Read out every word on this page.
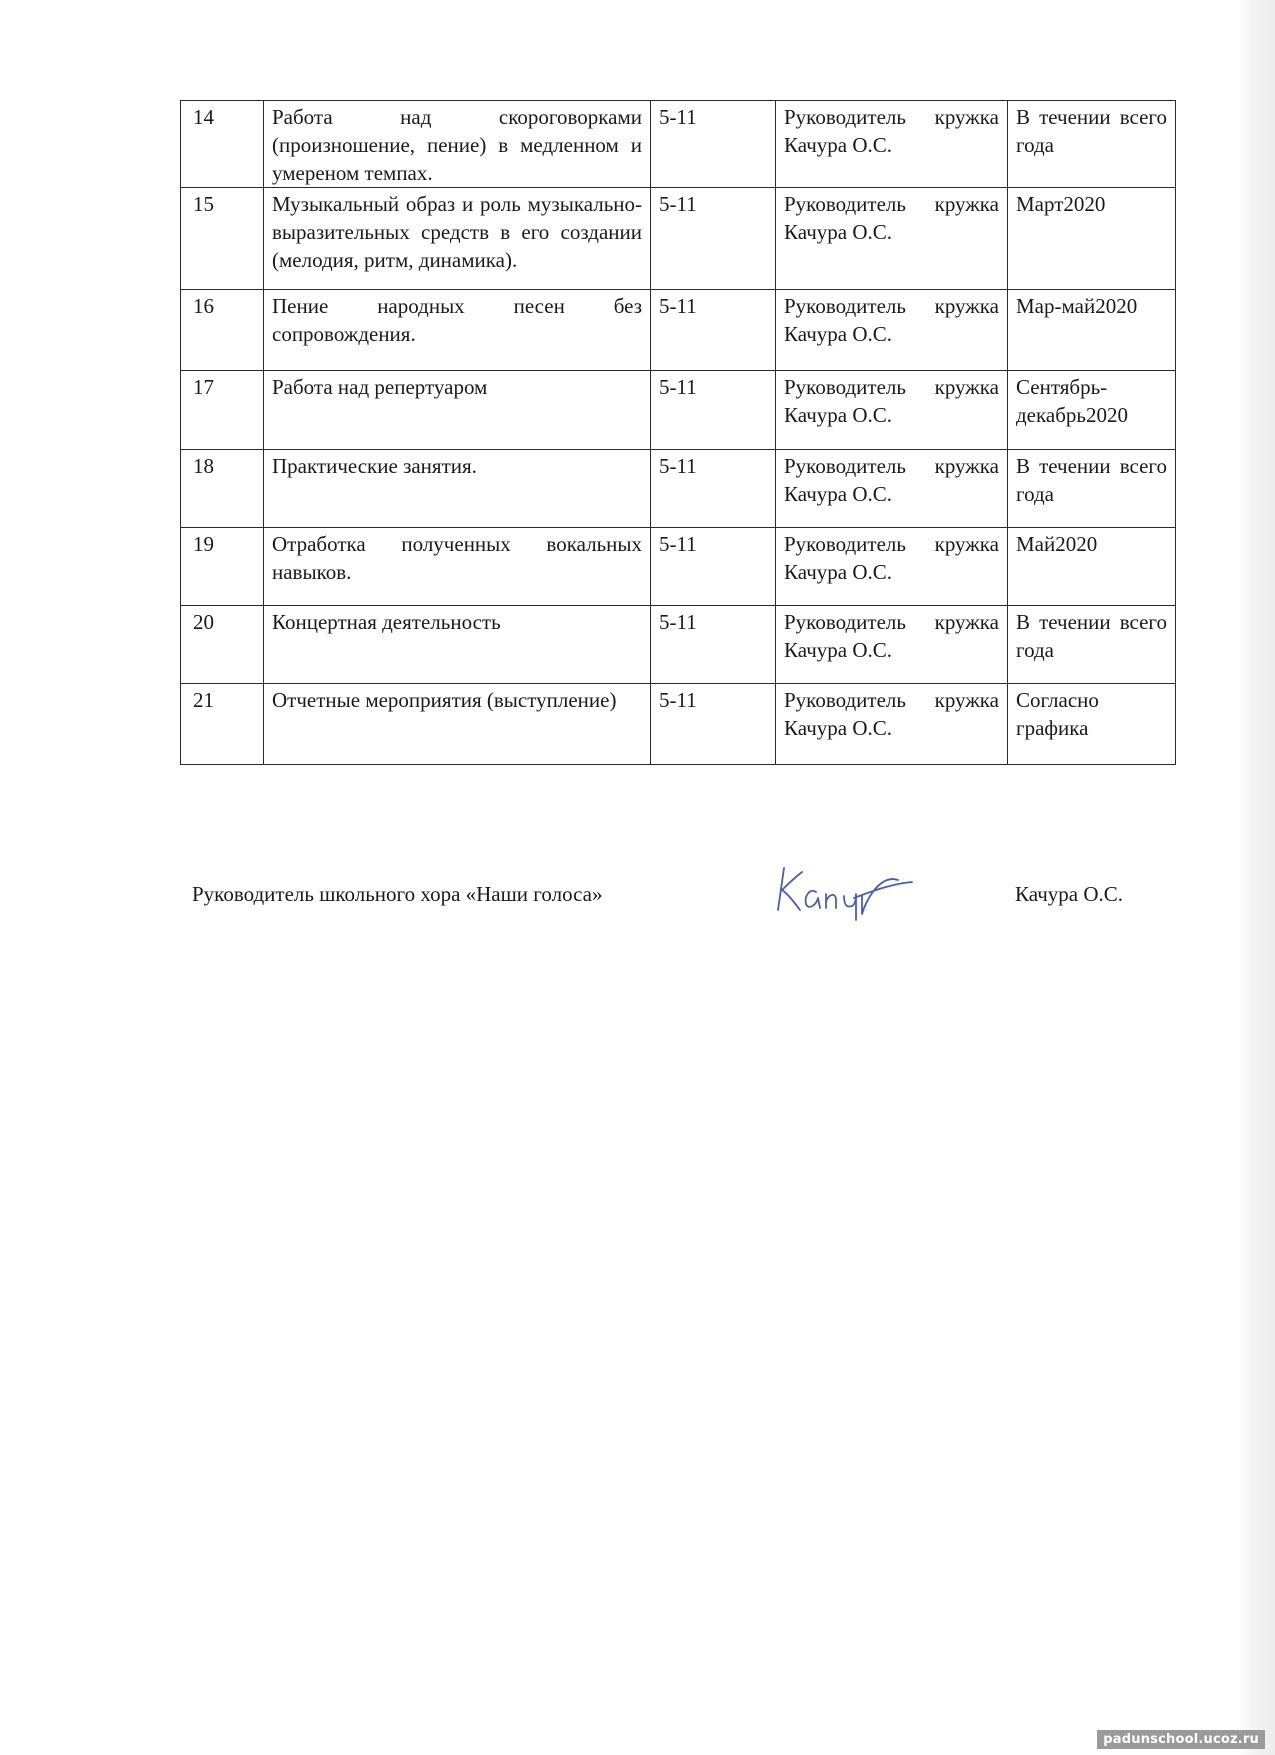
14	Работа над скороговорками (произношение, пение) в медленном и умереном темпах.	5-11	Руководитель кружка Качура О.С.	В течении всего года
15	Музыкальный образ и роль музыкально-выразительных средств в его создании (мелодия, ритм, динамика).	5-11	Руководитель кружка Качура О.С.	Март2020
16	Пение народных песен без сопровождения.	5-11	Руководитель кружка Качура О.С.	Мар-май2020
17	Работа над репертуаром	5-11	Руководитель кружка Качура О.С.	Сентябрь-декабрь2020
18	Практические занятия.	5-11	Руководитель кружка Качура О.С.	В течении всего года
19	Отработка полученных вокальных навыков.	5-11	Руководитель кружка Качура О.С.	Май2020
20	Концертная деятельность	5-11	Руководитель кружка Качура О.С.	В течении всего года
21	Отчетные мероприятия (выступление)	5-11	Руководитель кружка Качура О.С.	Согласно графика
Руководитель школьного хора «Наши голоса»	Качура О.С.
padunschool.ucoz.ru
